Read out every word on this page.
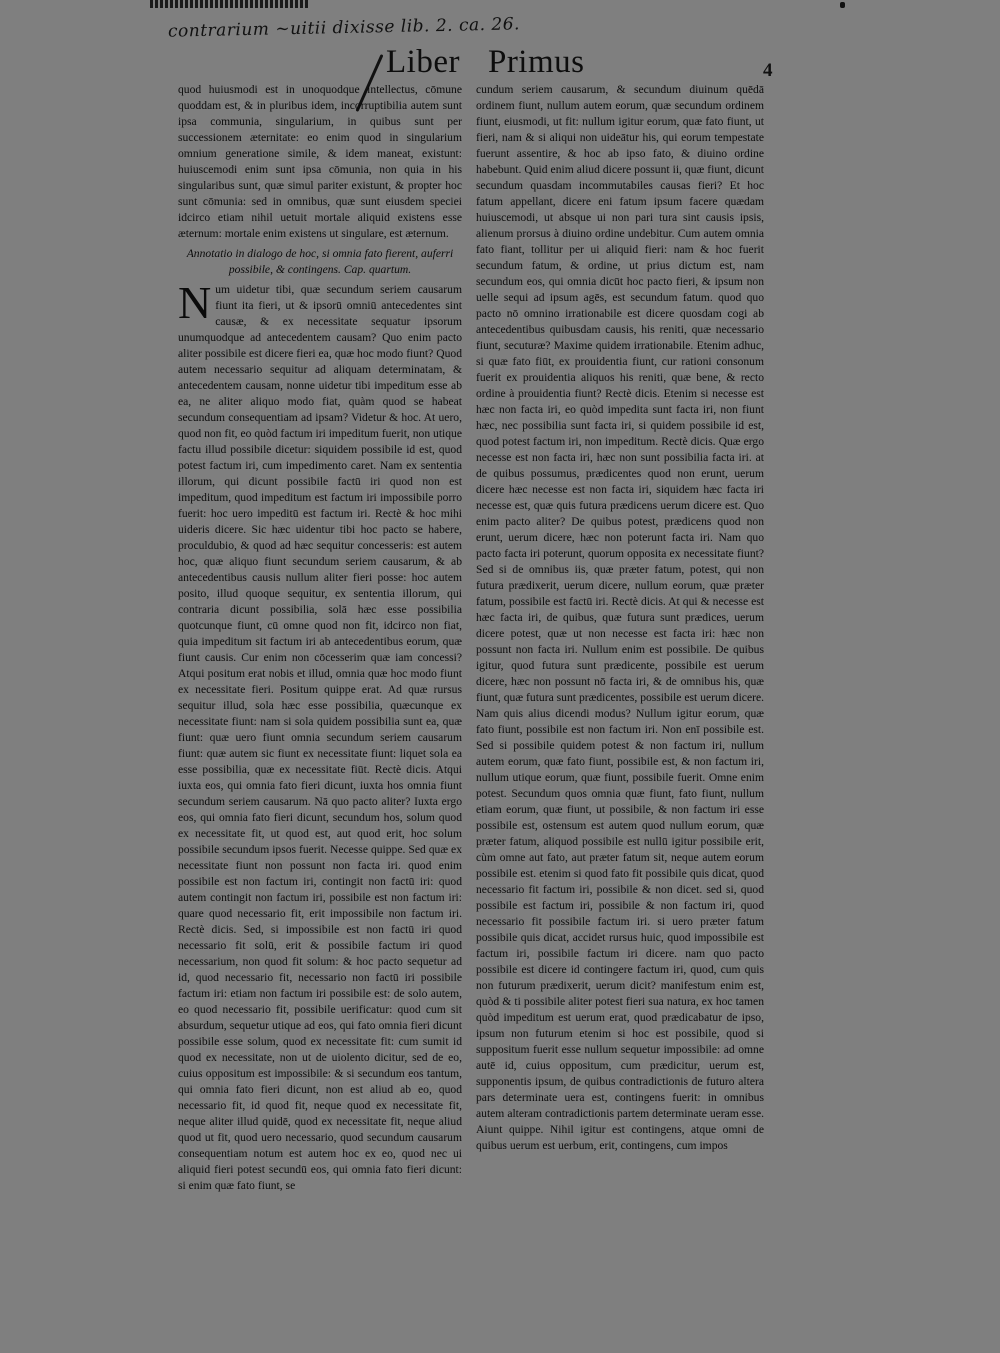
contrarium ~uitii dixisse lib. 2. ca. 26.
Liber Primus	4

quod huiusmodi est in unoquodque intellectus, cōmune quoddam est, & in pluribus idem, incorruptibilia autem sunt ipsa communia, singularium, in quibus sunt per successionem æternitate: eo enim quod in singularium omnium generatione simile, & idem maneat, existunt: huiuscemodi enim sunt ipsa cōmunia, non quia in his singularibus sunt, quæ simul pariter existunt, & propter hoc sunt cōmunia: sed in omnibus, quæ sunt eiusdem speciei idcirco etiam nihil uetuit mortale aliquid existens esse æternum: mortale enim existens ut singulare, est æternum.

Annotatio in dialogo de hoc, si omnia fato fierent, auferri
possibile, & contingens. Cap. quartum.

Num uidetur tibi, quæ secundum seriem causarum fiunt ita fieri, ut & ipsorū omniū antecedentes sint causæ, & ex necessitate sequatur ipsorum unumquodque ad antecedentem causam? Quo enim pacto aliter possibile est dicere fieri ea, quæ hoc modo fiunt? Quod autem necessario sequitur ad aliquam determinatam, & antecedentem causam, nonne uidetur tibi impeditum esse ab ea, ne aliter aliquo modo fiat, quàm quod se habeat secundum consequentiam ad ipsam? Videtur & hoc. At uero, quod non fit, eo quòd factum iri impeditum fuerit, non utique factu illud possibile dicetur: siquidem possibile id est, quod potest factum iri, cum impedimento caret. Nam ex sententia illorum, qui dicunt possibile factū iri quod non est impeditum, quod impeditum est factum iri impossibile porro fuerit: hoc uero impeditū est factum iri. Rectè & hoc mihi uideris dicere. Sic hæc uidentur tibi hoc pacto se habere, proculdubio, & quod ad hæc sequitur concesseris: est autem hoc, quæ aliquo fiunt secundum seriem causarum, & ab antecedentibus causis nullum aliter fieri posse: hoc autem posito, illud quoque sequitur, ex sententia illorum, qui contraria dicunt possibilia, solā hæc esse possibilia quotcunque fiunt, cū omne quod non fit, idcirco non fiat, quia impeditum sit factum iri ab antecedentibus eorum, quæ fiunt causis. Cur enim non cōcesserim quæ iam concessi? Atqui positum erat nobis et illud, omnia quæ hoc modo fiunt ex necessitate fieri. Positum quippe erat. Ad quæ rursus sequitur illud, sola hæc esse possibilia, quæcunque ex necessitate fiunt: nam si sola quidem possibilia sunt ea, quæ fiunt: quæ uero fiunt omnia secundum seriem causarum fiunt: quæ autem sic fiunt ex necessitate fiunt: liquet sola ea esse possibilia, quæ ex necessitate fiūt. Rectè dicis. Atqui iuxta eos, qui omnia fato fieri dicunt, iuxta hos omnia fiunt secundum seriem causarum. Nā quo pacto aliter? Iuxta ergo eos, qui omnia fato fieri dicunt, secundum hos, solum quod ex necessitate fit, ut quod est, aut quod erit, hoc solum possibile secundum ipsos fuerit. Necesse quippe. Sed quæ ex necessitate fiunt non possunt non facta iri. quod enim possibile est non factum iri, contingit non factū iri: quod autem contingit non factum iri, possibile est non factum iri: quare quod necessario fit, erit impossibile non factum iri. Rectè dicis. Sed, si impossibile est non factū iri quod necessario fit solū, erit & possibile factum iri quod necessarium, non quod fit solum: & hoc pacto sequetur ad id, quod necessario fit, necessario non factū iri possibile factum iri: etiam non factum iri possibile est: de solo autem, eo quod necessario fit, possibile uerificatur: quod cum sit absurdum, sequetur utique ad eos, qui fato omnia fieri dicunt possibile esse solum, quod ex necessitate fit: cum sumit id quod ex necessitate, non ut de uiolento dicitur, sed de eo, cuius oppositum est impossibile: & si secundum eos tantum, qui omnia fato fieri dicunt, non est aliud ab eo, quod necessario fit, id quod fit, neque quod ex necessitate fit, neque aliter illud quidē, quod ex necessitate fit, neque aliud quod ut fit, quod uero necessario, quod secundum causarum consequentiam notum est autem hoc ex eo, quod nec ui aliquid fieri potest secundū eos, qui omnia fato fieri dicunt: si enim quæ fato fiunt, se

cundum seriem causarum, & secundum diuinum quēdā ordinem fiunt, nullum autem eorum, quæ secundum ordinem fiunt, eiusmodi, ut fit: nullum igitur eorum, quæ fato fiunt, ut fieri, nam & si aliqui non uideātur his, qui eorum tempestate fuerunt assentire, & hoc ab ipso fato, & diuino ordine habebunt. Quid enim aliud dicere possunt ii, quæ fiunt, dicunt secundum quasdam incommutabiles causas fieri? Et hoc fatum appellant, dicere eni fatum ipsum facere quædam huiuscemodi, ut absque ui non pari tura sint causis ipsis, alienum prorsus à diuino ordine undebitur. Cum autem omnia fato fiant, tollitur per ui aliquid fieri: nam & hoc fuerit secundum fatum, & ordine, ut prius dictum est, nam secundum eos, qui omnia dicūt hoc pacto fieri, & ipsum non uelle sequi ad ipsum agēs, est secundum fatum. quod quo pacto nō omnino irrationabile est dicere quosdam cogi ab antecedentibus quibusdam causis, his reniti, quæ necessario fiunt, secuturæ? Maxime quidem irrationabile. Etenim adhuc, si quæ fato fiūt, ex prouidentia fiunt, cur rationi consonum fuerit ex prouidentia aliquos his reniti, quæ bene, & recto ordine à prouidentia fiunt? Rectè dicis. Etenim si necesse est hæc non facta iri, eo quòd impedita sunt facta iri, non fiunt hæc, nec possibilia sunt facta iri, si quidem possibile id est, quod potest factum iri, non impeditum. Rectè dicis. Quæ ergo necesse est non facta iri, hæc non sunt possibilia facta iri. at de quibus possumus, prædicentes quod non erunt, uerum dicere hæc necesse est non facta iri, siquidem hæc facta iri necesse est, quæ quis futura prædicens uerum dicere est. Quo enim pacto aliter? De quibus potest, prædicens quod non erunt, uerum dicere, hæc non poterunt facta iri. Nam quo pacto facta iri poterunt, quorum opposita ex necessitate fiunt? Sed si de omnibus iis, quæ præter fatum, potest, qui non futura prædixerit, uerum dicere, nullum eorum, quæ præter fatum, possibile est factū iri. Rectè dicis. At qui & necesse est hæc facta iri, de quibus, quæ futura sunt prædices, uerum dicere potest, quæ ut non necesse est facta iri: hæc non possunt non facta iri. Nullum enim est possibile. De quibus igitur, quod futura sunt prædicente, possibile est uerum dicere, hæc non possunt nō facta iri, & de omnibus his, quæ fiunt, quæ futura sunt prædicentes, possibile est uerum dicere. Nam quis alius dicendi modus? Nullum igitur eorum, quæ fato fiunt, possibile est non factum iri. Non enī possibile est. Sed si possibile quidem potest & non factum iri, nullum autem eorum, quæ fato fiunt, possibile est, & non factum iri, nullum utique eorum, quæ fiunt, possibile fuerit. Omne enim potest. Secundum quos omnia quæ fiunt, fato fiunt, nullum etiam eorum, quæ fiunt, ut possibile, & non factum iri esse possibile est, ostensum est autem quod nullum eorum, quæ præter fatum, aliquod possibile est nullū igitur possibile erit, cùm omne aut fato, aut præter fatum sit, neque autem eorum possibile est. etenim si quod fato fit possibile quis dicat, quod necessario fit factum iri, possibile & non dicet. sed si, quod possibile est factum iri, possibile & non factum iri, quod necessario fit possibile factum iri. si uero præter fatum possibile quis dicat, accidet rursus huic, quod impossibile est factum iri, possibile factum iri dicere. nam quo pacto possibile est dicere id contingere factum iri, quod, cum quis non futurum prædixerit, uerum dicit? manifestum enim est, quòd & ti possibile aliter potest fieri sua natura, ex hoc tamen quòd impeditum est uerum erat, quod prædicabatur de ipso, ipsum non futurum etenim si hoc est possibile, quod si suppositum fuerit esse nullum sequetur impossibile: ad omne autē id, cuius oppositum, cum prædicitur, uerum est, supponentis ipsum, de quibus contradictionis de futuro altera pars determinate uera est, contingens fuerit: in omnibus autem alteram contradictionis partem determinate ueram esse. Aiunt quippe. Nihil igitur est contingens, atque omni de quibus uerum est uerbum, erit, contingens, cum impos
